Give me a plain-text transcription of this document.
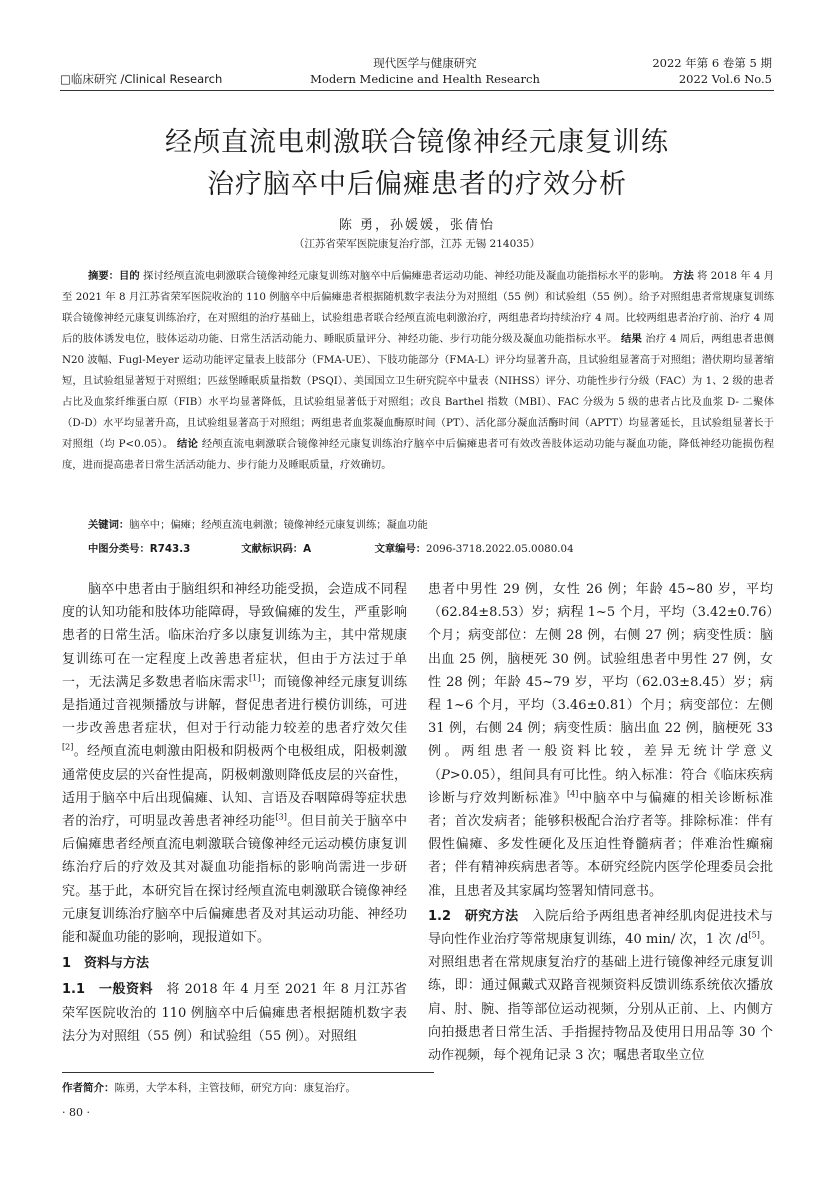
□临床研究 /Clinical Research
现代医学与健康研究
Modern Medicine and Health Research
2022 年第 6 卷第 5 期
2022 Vol.6 No.5
经颅直流电刺激联合镜像神经元康复训练
治疗脑卒中后偏瘫患者的疗效分析
陈 勇，孙媛媛，张倩怡
（江苏省荣军医院康复治疗部，江苏 无锡 214035）
摘要：目的 探讨经颅直流电刺激联合镜像神经元康复训练对脑卒中后偏瘫患者运动功能、神经功能及凝血功能指标水平的影响。 方法 将 2018 年 4 月至 2021 年 8 月江苏省荣军医院收治的 110 例脑卒中后偏瘫患者根据随机数字表法分为对照组（55 例）和试验组（55 例）。给予对照组患者常规康复训练联合镜像神经元康复训练治疗，在对照组的治疗基础上，试验组患者联合经颅直流电刺激治疗，两组患者均持续治疗 4 周。比较两组患者治疗前、治疗 4 周后的肢体诱发电位，肢体运动功能、日常生活活动能力、睡眠质量评分、神经功能、步行功能分级及凝血功能指标水平。 结果 治疗 4 周后，两组患者患侧 N20 波幅、Fugl-Meyer 运动功能评定量表上肢部分（FMA-UE）、下肢功能部分（FMA-L）评分均显著升高，且试验组显著高于对照组；潜伏期均显著缩短，且试验组显著短于对照组；匹兹堡睡眠质量指数（PSQI）、美国国立卫生研究院卒中量表（NIHSS）评分、功能性步行分级（FAC）为 1、2 级的患者占比及血浆纤维蛋白原（FIB）水平均显著降低，且试验组显著低于对照组；改良 Barthel 指数（MBI）、FAC 分级为 5 级的患者占比及血浆 D- 二聚体（D-D）水平均显著升高，且试验组显著高于对照组；两组患者血浆凝血酶原时间（PT）、活化部分凝血活酶时间（APTT）均显著延长，且试验组显著长于对照组（均 P<0.05）。 结论 经颅直流电刺激联合镜像神经元康复训练治疗脑卒中后偏瘫患者可有效改善肢体运动功能与凝血功能，降低神经功能损伤程度，进而提高患者日常生活活动能力、步行能力及睡眠质量，疗效确切。
关键词：脑卒中；偏瘫；经颅直流电刺激；镜像神经元康复训练；凝血功能
中图分类号：R743.3	文献标识码：A	文章编号：2096-3718.2022.05.0080.04

脑卒中患者由于脑组织和神经功能受损，会造成不同程度的认知功能和肢体功能障碍，导致偏瘫的发生，严重影响患者的日常生活。临床治疗多以康复训练为主，其中常规康复训练可在一定程度上改善患者症状，但由于方法过于单一，无法满足多数患者临床需求[1]；而镜像神经元康复训练是指通过音视频播放与讲解，督促患者进行模仿训练，可进一步改善患者症状，但对于行动能力较差的患者疗效欠佳[2]。经颅直流电刺激由阳极和阴极两个电极组成，阳极刺激通常使皮层的兴奋性提高，阴极刺激则降低皮层的兴奋性，适用于脑卒中后出现偏瘫、认知、言语及吞咽障碍等症状患者的治疗，可明显改善患者神经功能[3]。但目前关于脑卒中后偏瘫患者经颅直流电刺激联合镜像神经元运动模仿康复训练治疗后的疗效及其对凝血功能指标的影响尚需进一步研究。基于此，本研究旨在探讨经颅直流电刺激联合镜像神经元康复训练治疗脑卒中后偏瘫患者及对其运动功能、神经功能和凝血功能的影响，现报道如下。

1　资料与方法

1.1　 一般资料　 将 2018 年 4 月至 2021 年 8 月江苏省荣军医院收治的 110 例脑卒中后偏瘫患者根据随机数字表法分为对照组（55 例）和试验组（55 例）。对照组

患者中男性 29 例，女性 26 例；年龄 45~80 岁，平均（62.84±8.53）岁；病程 1~5 个月，平均（3.42±0.76）个月；病变部位：左侧 28 例，右侧 27 例；病变性质：脑出血 25 例，脑梗死 30 例。试验组患者中男性 27 例，女性 28 例；年龄 45~79 岁，平均（62.03±8.45）岁；病程 1~6 个月，平均（3.46±0.81）个月；病变部位：左侧 31 例，右侧 24 例；病变性质：脑出血 22 例，脑梗死 33 例。两组患者一般资料比较，差异无统计学意义（P>0.05），组间具有可比性。纳入标准：符合《临床疾病诊断与疗效判断标准》[4]中脑卒中与偏瘫的相关诊断标准者；首次发病者；能够积极配合治疗者等。排除标准：伴有假性偏瘫、多发性硬化及压迫性脊髓病者；伴难治性癫痫者；伴有精神疾病患者等。本研究经院内医学伦理委员会批准，且患者及其家属均签署知情同意书。

1.2　 研究方法　 入院后给予两组患者神经肌肉促进技术与导向性作业治疗等常规康复训练，40 min/ 次，1 次 /d[5]。对照组患者在常规康复治疗的基础上进行镜像神经元康复训练，即：通过佩戴式双路音视频资料反馈训练系统依次播放肩、肘、腕、指等部位运动视频，分别从正前、上、内侧方向拍摄患者日常生活、手指握持物品及使用日用品等 30 个动作视频，每个视角记录 3 次；嘱患者取坐立位

作者简介：陈勇，大学本科，主管技师，研究方向：康复治疗。
· 80 ·
